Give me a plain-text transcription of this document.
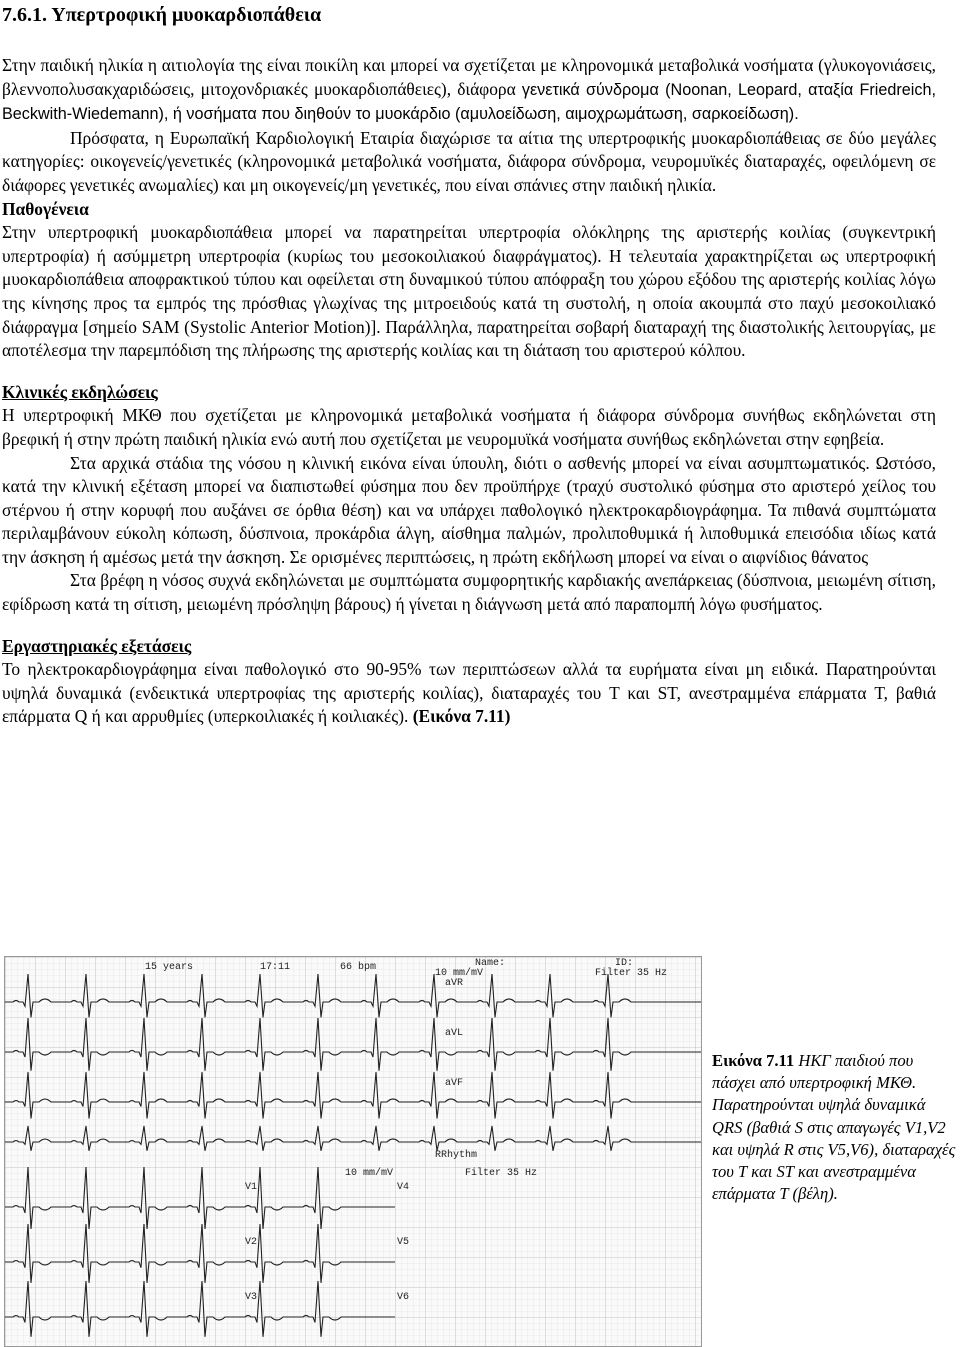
7.6.1. Υπερτροφική μυοκαρδιοπάθεια

Στην παιδική ηλικία η αιτιολογία της είναι ποικίλη και μπορεί να σχετίζεται με κληρονομικά μεταβολικά νοσήματα (γλυκογονιάσεις, βλεννοπολυσακχαριδώσεις, μιτοχονδριακές μυοκαρδιοπάθειες), διάφορα γενετικά σύνδρομα (Noonan, Leopard, αταξία Friedreich, Beckwith-Wiedemann), ή νοσήματα που διηθούν το μυοκάρδιο (αμυλοείδωση, αιμοχρωμάτωση, σαρκοείδωση).

Πρόσφατα, η Ευρωπαϊκή Καρδιολογική Εταιρία διαχώρισε τα αίτια της υπερτροφικής μυοκαρδιοπάθειας σε δύο μεγάλες κατηγορίες: οικογενείς/γενετικές (κληρονομικά μεταβολικά νοσήματα, διάφορα σύνδρομα, νευρομυϊκές διαταραχές, οφειλόμενη σε διάφορες γενετικές ανωμαλίες) και μη οικογενείς/μη γενετικές, που είναι σπάνιες στην παιδική ηλικία.

Παθογένεια

Στην υπερτροφική μυοκαρδιοπάθεια μπορεί να παρατηρείται υπερτροφία ολόκληρης της αριστερής κοιλίας (συγκεντρική υπερτροφία) ή ασύμμετρη υπερτροφία (κυρίως του μεσοκοιλιακού διαφράγματος). Η τελευταία χαρακτηρίζεται ως υπερτροφική μυοκαρδιοπάθεια αποφρακτικού τύπου και οφείλεται στη δυναμικού τύπου απόφραξη του χώρου εξόδου της αριστερής κοιλίας λόγω της κίνησης προς τα εμπρός της πρόσθιας γλωχίνας της μιτροειδούς κατά τη συστολή, η οποία ακουμπά στο παχύ μεσοκοιλιακό διάφραγμα [σημείο SAM (Systolic Anterior Motion)]. Παράλληλα, παρατηρείται σοβαρή διαταραχή της διαστολικής λειτουργίας, με αποτέλεσμα την παρεμπόδιση της πλήρωσης της αριστερής κοιλίας και τη διάταση του αριστερού κόλπου.

Κλινικές εκδηλώσεις

Η υπερτροφική ΜΚΘ που σχετίζεται με κληρονομικά μεταβολικά νοσήματα ή διάφορα σύνδρομα συνήθως εκδηλώνεται στη βρεφική ή στην πρώτη παιδική ηλικία ενώ αυτή που σχετίζεται με νευρομυϊκά νοσήματα συνήθως εκδηλώνεται στην εφηβεία.

Στα αρχικά στάδια της νόσου η κλινική εικόνα είναι ύπουλη, διότι ο ασθενής μπορεί να είναι ασυμπτωματικός. Ωστόσο, κατά την κλινική εξέταση μπορεί να διαπιστωθεί φύσημα που δεν προϋπήρχε (τραχύ συστολικό φύσημα στο αριστερό χείλος του στέρνου ή στην κορυφή που αυξάνει σε όρθια θέση) και να υπάρχει παθολογικό ηλεκτροκαρδιογράφημα. Τα πιθανά συμπτώματα περιλαμβάνουν εύκολη κόπωση, δύσπνοια, προκάρδια άλγη, αίσθημα παλμών, προλιποθυμικά ή λιποθυμικά επεισόδια ιδίως κατά την άσκηση ή αμέσως μετά την άσκηση. Σε ορισμένες περιπτώσεις, η πρώτη εκδήλωση μπορεί να είναι ο αιφνίδιος θάνατος

Στα βρέφη η νόσος συχνά εκδηλώνεται με συμπτώματα συμφορητικής καρδιακής ανεπάρκειας (δύσπνοια, μειωμένη σίτιση, εφίδρωση κατά τη σίτιση, μειωμένη πρόσληψη βάρους) ή γίνεται η διάγνωση μετά από παραπομπή λόγω φυσήματος.

Εργαστηριακές εξετάσεις

Το ηλεκτροκαρδιογράφημα είναι παθολογικό στο 90-95% των περιπτώσεων αλλά τα ευρήματα είναι μη ειδικά. Παρατηρούνται υψηλά δυναμικά (ενδεικτικά υπερτροφίας της αριστερής κοιλίας), διαταραχές του T και ST, ανεστραμμένα επάρματα T, βαθιά επάρματα Q ή και αρρυθμίες (υπερκοιλιακές ή κοιλιακές). (Εικόνα 7.11)

15 years	17:11	66 bpm
10 mm/mV
Name:	ID:
Filter 35 Hz
aVR
aVL
aVF
RRhythm
10 mm/mV	Filter 35 Hz
V1
V2
V3
V4
V5
V6
Εικόνα 7.11 ΗΚΓ παιδιού που πάσχει από υπερτροφική ΜΚΘ. Παρατηρούνται υψηλά δυναμικά QRS (βαθιά S στις απαγωγές V1,V2 και υψηλά R στις V5,V6), διαταραχές του T και ST και ανεστραμμένα επάρματα T (βέλη).
